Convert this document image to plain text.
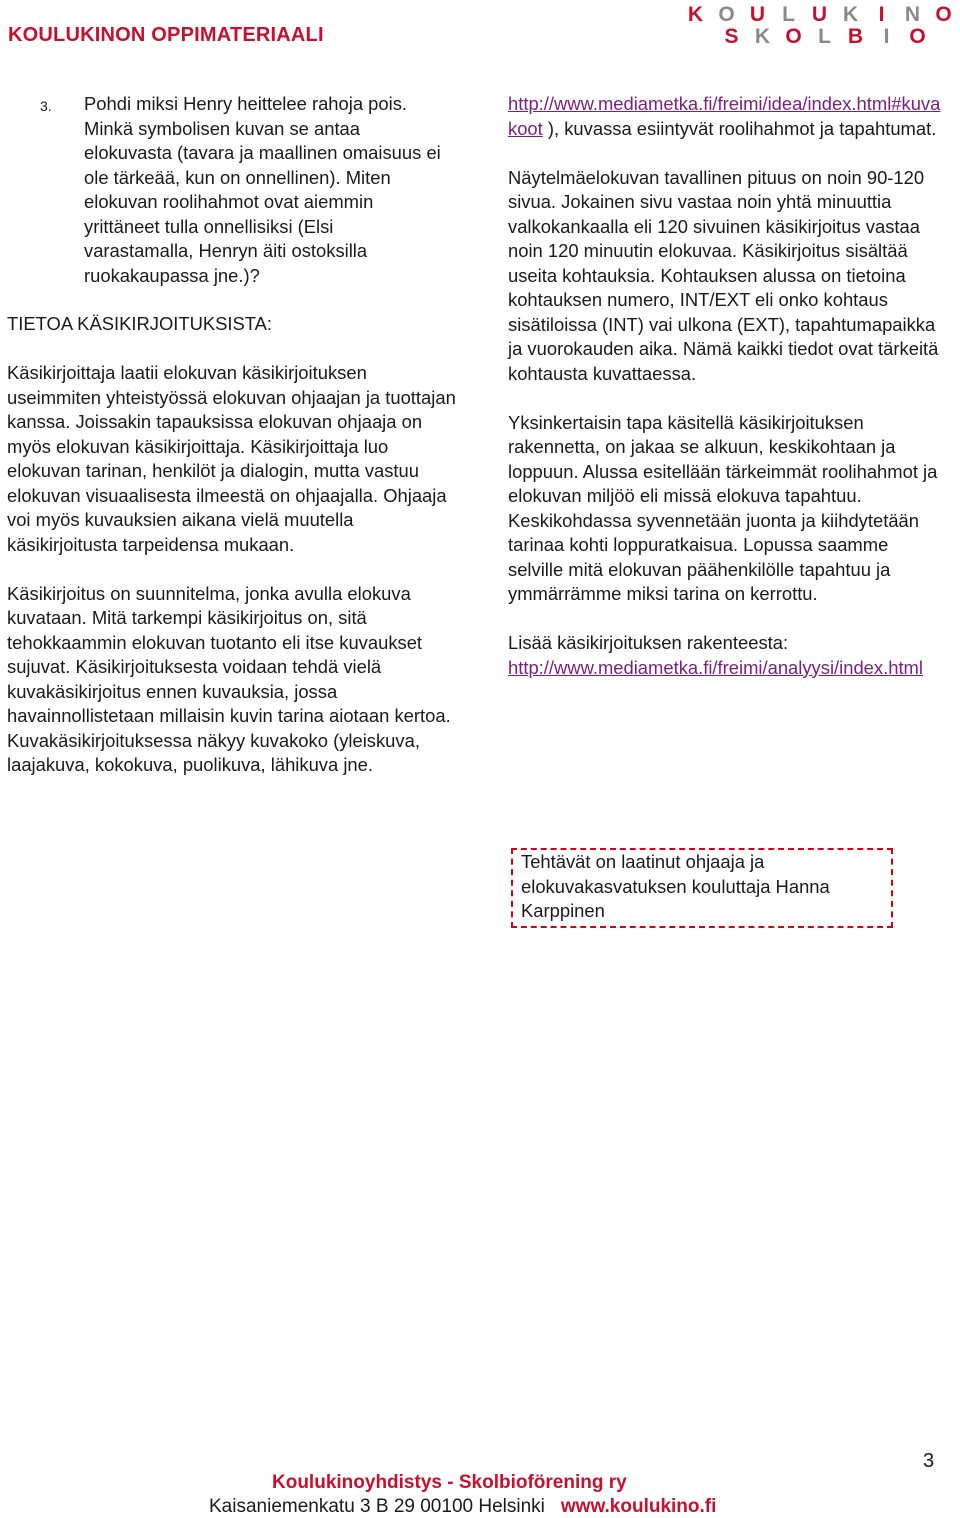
KOULUKINON OPPIMATERIAALI
K O U L U K I N O
S K O L B I O
3.	Pohdi miksi Henry heittelee rahoja pois. Minkä symbolisen kuvan se antaa elokuvasta (tavara ja maallinen omaisuus ei ole tärkeää, kun on onnellinen). Miten elokuvan roolihahmot ovat aiemmin yrittäneet tulla onnellisiksi (Elsi varastamalla, Henryn äiti ostoksilla ruokakaupassa jne.)?

TIETOA KÄSIKIRJOITUKSISTA:

Käsikirjoittaja laatii elokuvan käsikirjoituksen useimmiten yhteistyössä elokuvan ohjaajan ja tuottajan kanssa. Joissakin tapauksissa elokuvan ohjaaja on myös elokuvan käsikirjoittaja. Käsikirjoittaja luo elokuvan tarinan, henkilöt ja dialogin, mutta vastuu elokuvan visuaalisesta ilmeestä on ohjaajalla. Ohjaaja voi myös kuvauksien aikana vielä muutella käsikirjoitusta tarpeidensa mukaan.

Käsikirjoitus on suunnitelma, jonka avulla elokuva kuvataan. Mitä tarkempi käsikirjoitus on, sitä tehokkaammin elokuvan tuotanto eli itse kuvaukset sujuvat. Käsikirjoituksesta voidaan tehdä vielä kuvakäsikirjoitus ennen kuvauksia, jossa havainnollistetaan millaisin kuvin tarina aiotaan kertoa. Kuvakäsikirjoituksessa näkyy kuvakoko (yleiskuva, laajakuva, kokokuva, puolikuva, lähikuva jne.

http://www.mediametka.fi/freimi/idea/index.html#kuvakoot ), kuvassa esiintyvät roolihahmot ja tapahtumat.

Näytelmäelokuvan tavallinen pituus on noin 90-120 sivua. Jokainen sivu vastaa noin yhtä minuuttia valkokankaalla eli 120 sivuinen käsikirjoitus vastaa noin 120 minuutin elokuvaa. Käsikirjoitus sisältää useita kohtauksia. Kohtauksen alussa on tietoina kohtauksen numero, INT/EXT eli onko kohtaus sisätiloissa (INT) vai ulkona (EXT), tapahtumapaikka ja vuorokauden aika. Nämä kaikki tiedot ovat tärkeitä kohtausta kuvattaessa.

Yksinkertaisin tapa käsitellä käsikirjoituksen rakennetta, on jakaa se alkuun, keskikohtaan ja loppuun. Alussa esitellään tärkeimmät roolihahmot ja elokuvan miljöö eli missä elokuva tapahtuu. Keskikohdassa syvennetään juonta ja kiihdytetään tarinaa kohti loppuratkaisua. Lopussa saamme selville mitä elokuvan päähenkilölle tapahtuu ja ymmärrämme miksi tarina on kerrottu.

Lisää käsikirjoituksen rakenteesta:

http://www.mediametka.fi/freimi/analyysi/index.html

Tehtävät on laatinut ohjaaja ja elokuvakasvatuksen kouluttaja Hanna Karppinen

3
Koulukinoyhdistys - Skolbioförening ry
Kaisaniemenkatu 3 B 29 00100 Helsinki www.koulukino.fi
